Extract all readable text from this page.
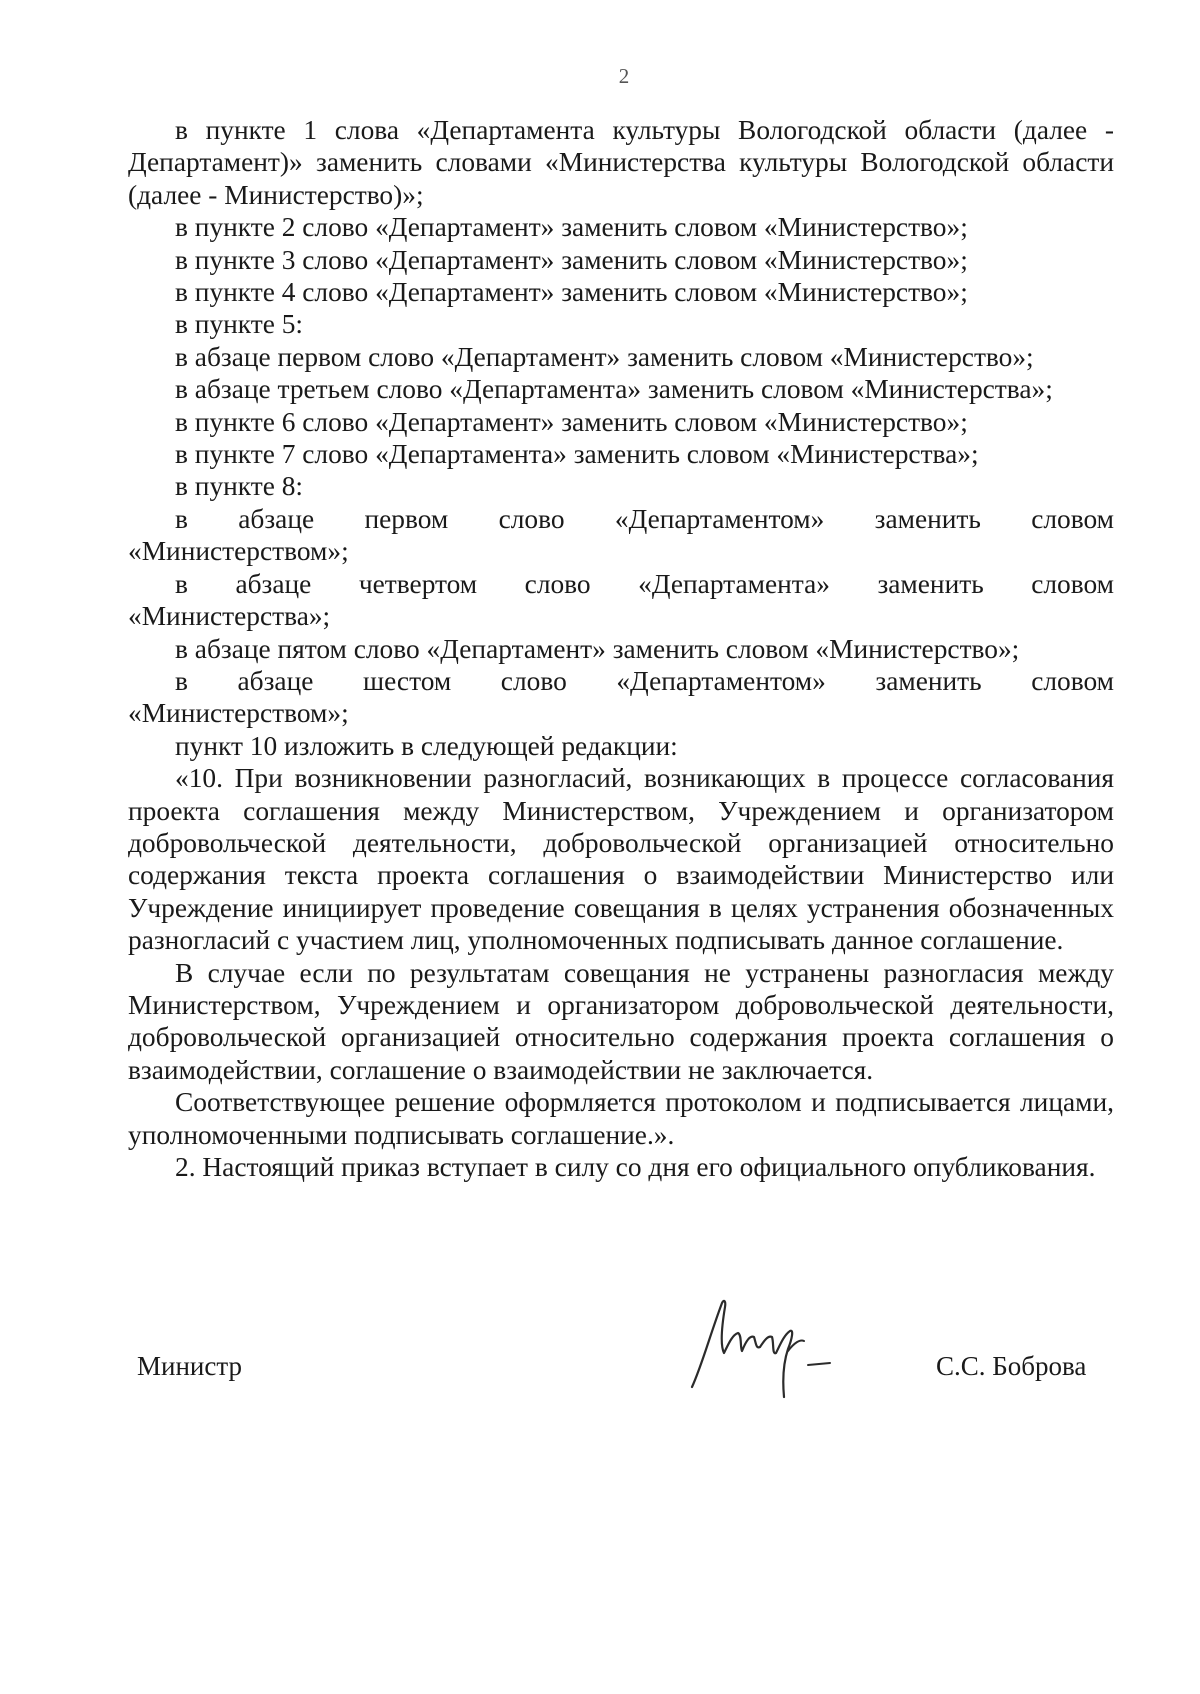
2

в пункте 1 слова «Департамента культуры Вологодской области (далее - Департамент)» заменить словами «Министерства культуры Вологодской области (далее - Министерство)»;

в пункте 2 слово «Департамент» заменить словом «Министерство»;

в пункте 3 слово «Департамент» заменить словом «Министерство»;

в пункте 4 слово «Департамент» заменить словом «Министерство»;

в пункте 5:

в абзаце первом слово «Департамент» заменить словом «Министерство»;

в абзаце третьем слово «Департамента» заменить словом «Министерства»;

в пункте 6 слово «Департамент» заменить словом «Министерство»;

в пункте 7 слово «Департамента» заменить словом «Министерства»;

в пункте 8:

в абзаце первом слово «Департаментом» заменить словом «Министерством»;

в абзаце четвертом слово «Департамента» заменить словом «Министерства»;

в абзаце пятом слово «Департамент» заменить словом «Министерство»;

в абзаце шестом слово «Департаментом» заменить словом «Министерством»;

пункт 10 изложить в следующей редакции:

«10. При возникновении разногласий, возникающих в процессе согласования проекта соглашения между Министерством, Учреждением и организатором добровольческой деятельности, добровольческой организацией относительно содержания текста проекта соглашения о взаимодействии Министерство или Учреждение инициирует проведение совещания в целях устранения обозначенных разногласий с участием лиц, уполномоченных подписывать данное соглашение.

В случае если по результатам совещания не устранены разногласия между Министерством, Учреждением и организатором добровольческой деятельности, добровольческой организацией относительно содержания проекта соглашения о взаимодействии, соглашение о взаимодействии не заключается.

Соответствующее решение оформляется протоколом и подписывается лицами, уполномоченными подписывать соглашение.».

2. Настоящий приказ вступает в силу со дня его официального опубликования.

Министр	С.С. Боброва
